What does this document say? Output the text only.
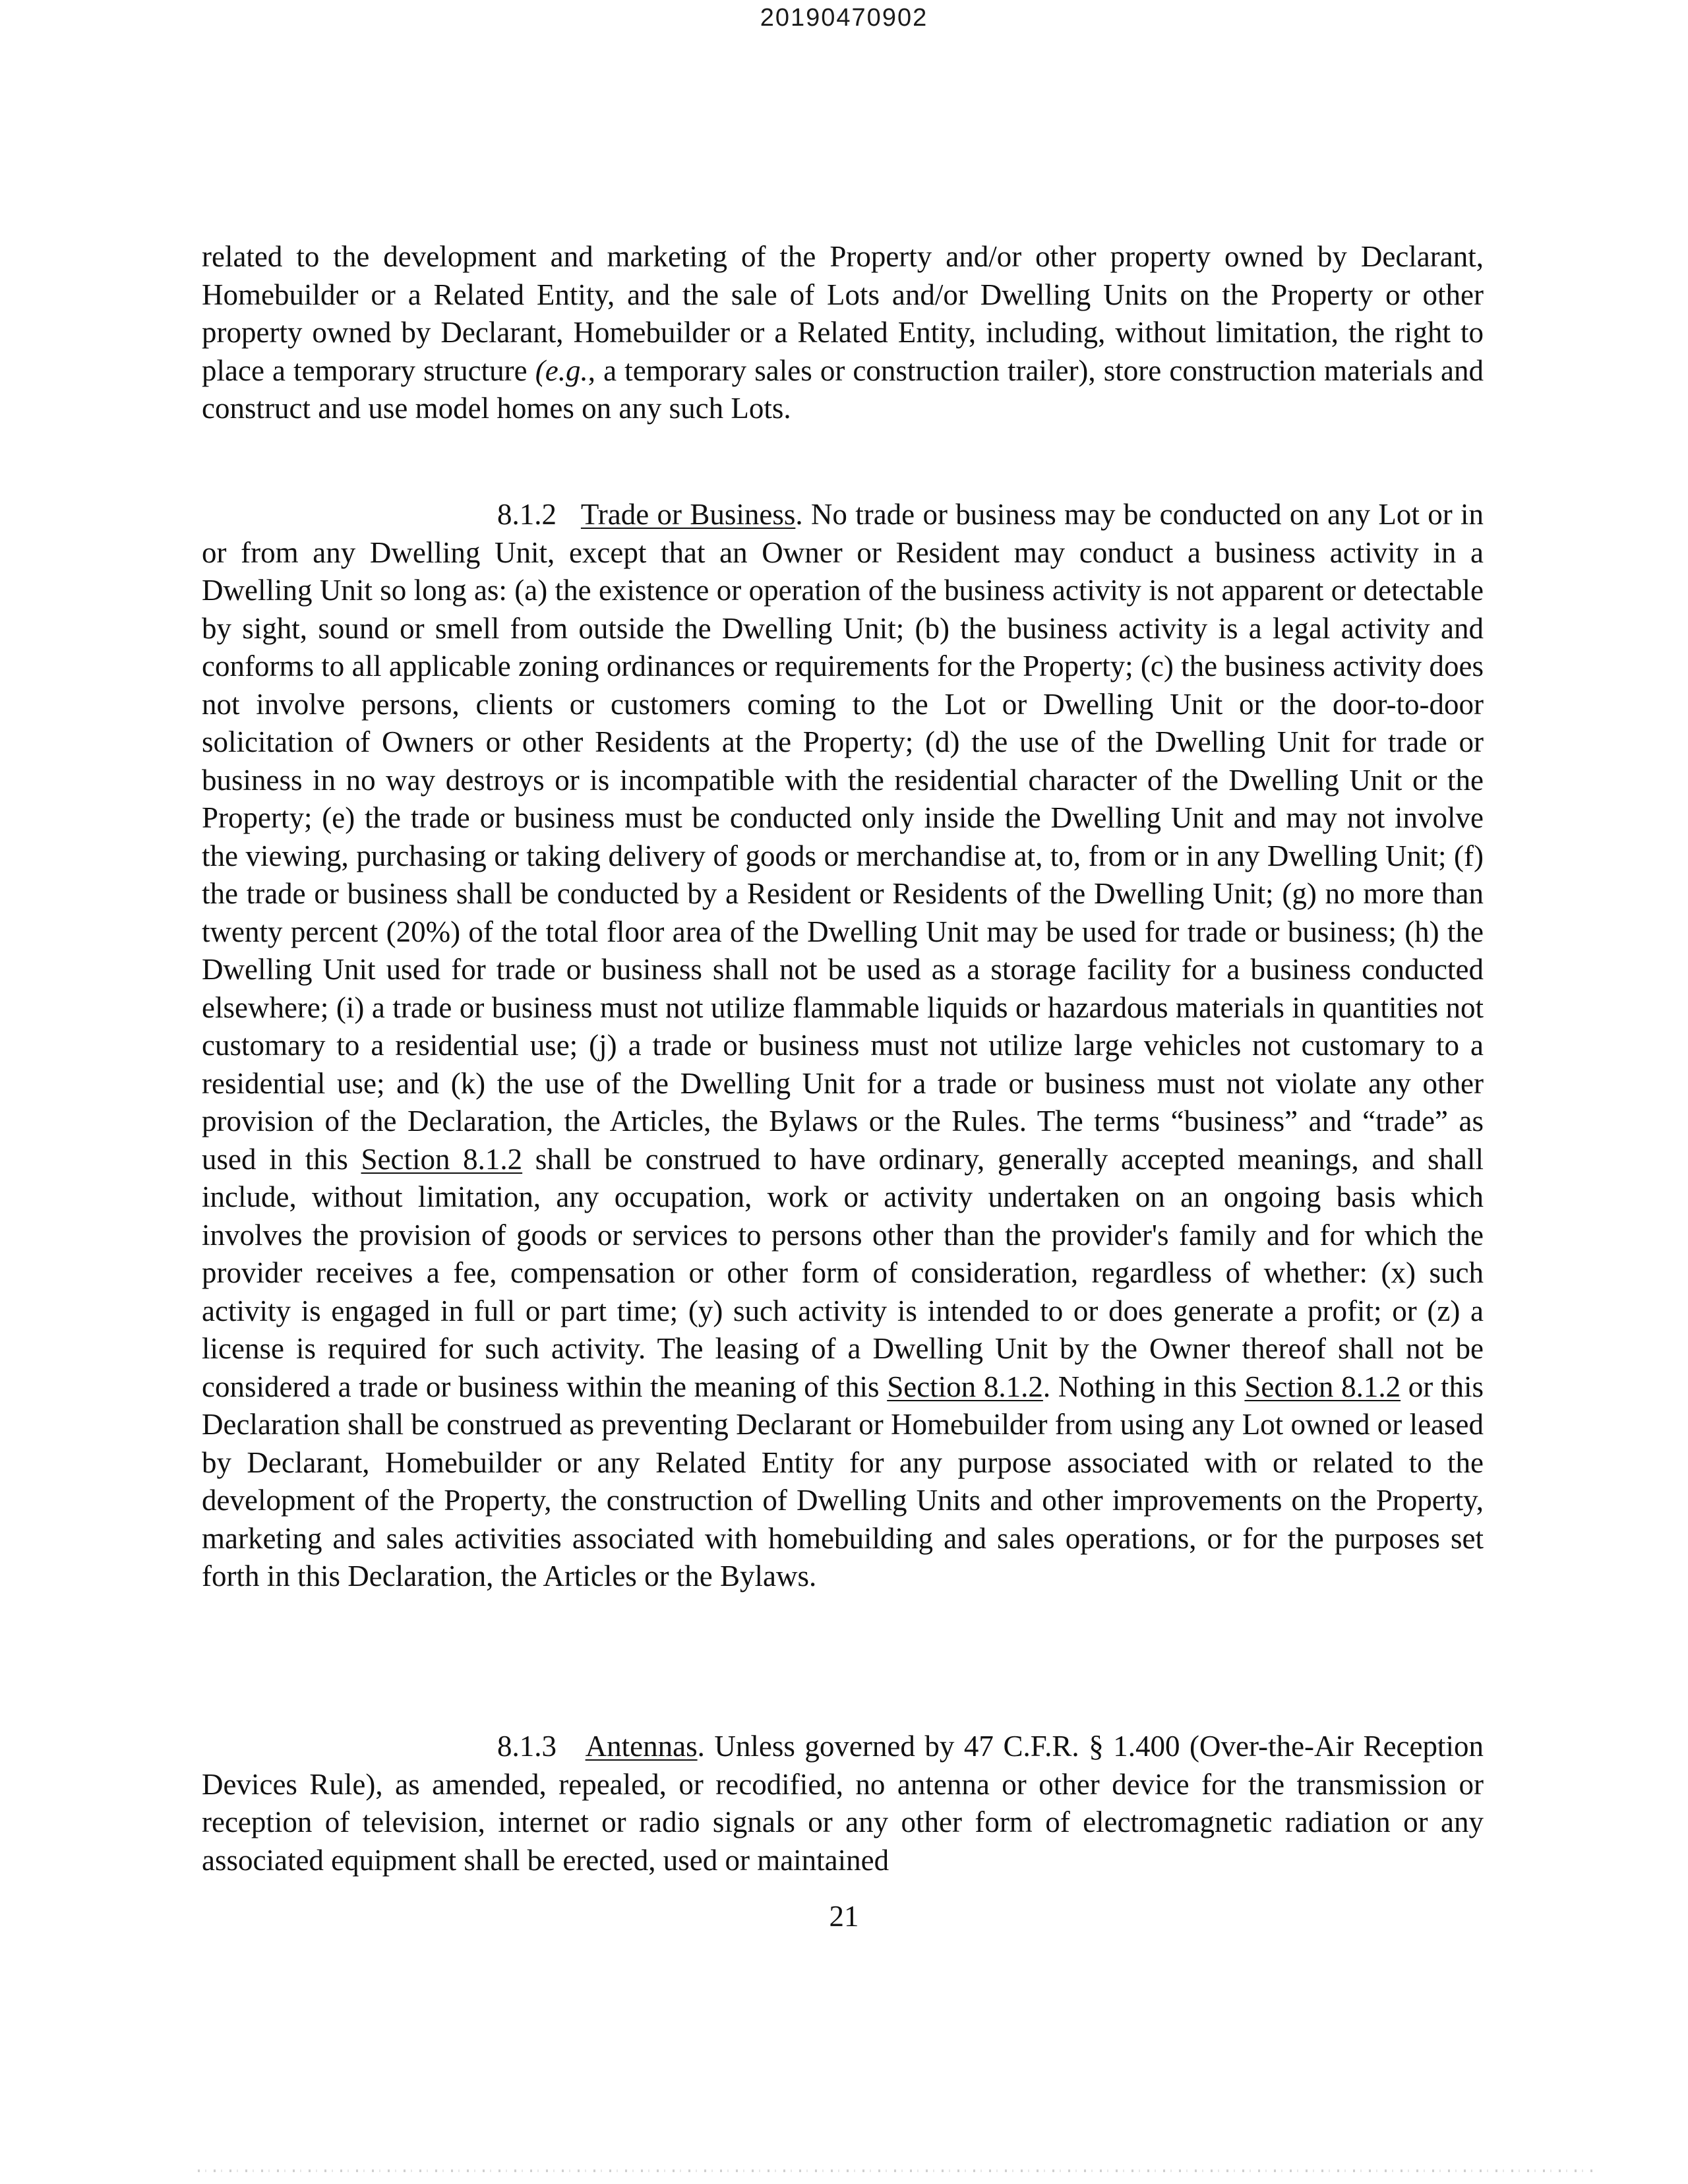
20190470902

related to the development and marketing of the Property and/or other property owned by Declarant, Homebuilder or a Related Entity, and the sale of Lots and/or Dwelling Units on the Property or other property owned by Declarant, Homebuilder or a Related Entity, including, without limitation, the right to place a temporary structure (e.g., a temporary sales or construction trailer), store construction materials and construct and use model homes on any such Lots.

8.1.2 Trade or Business. No trade or business may be conducted on any Lot or in or from any Dwelling Unit, except that an Owner or Resident may conduct a business activity in a Dwelling Unit so long as: (a) the existence or operation of the business activity is not apparent or detectable by sight, sound or smell from outside the Dwelling Unit; (b) the business activity is a legal activity and conforms to all applicable zoning ordinances or requirements for the Property; (c) the business activity does not involve persons, clients or customers coming to the Lot or Dwelling Unit or the door-to-door solicitation of Owners or other Residents at the Property; (d) the use of the Dwelling Unit for trade or business in no way destroys or is incompatible with the residential character of the Dwelling Unit or the Property; (e) the trade or business must be conducted only inside the Dwelling Unit and may not involve the viewing, purchasing or taking delivery of goods or merchandise at, to, from or in any Dwelling Unit; (f) the trade or business shall be conducted by a Resident or Residents of the Dwelling Unit; (g) no more than twenty percent (20%) of the total floor area of the Dwelling Unit may be used for trade or business; (h) the Dwelling Unit used for trade or business shall not be used as a storage facility for a business conducted elsewhere; (i) a trade or business must not utilize flammable liquids or hazardous materials in quantities not customary to a residential use; (j) a trade or business must not utilize large vehicles not customary to a residential use; and (k) the use of the Dwelling Unit for a trade or business must not violate any other provision of the Declaration, the Articles, the Bylaws or the Rules. The terms “business” and “trade” as used in this Section 8.1.2 shall be construed to have ordinary, generally accepted meanings, and shall include, without limitation, any occupation, work or activity undertaken on an ongoing basis which involves the provision of goods or services to persons other than the provider's family and for which the provider receives a fee, compensation or other form of consideration, regardless of whether: (x) such activity is engaged in full or part time; (y) such activity is intended to or does generate a profit; or (z) a license is required for such activity. The leasing of a Dwelling Unit by the Owner thereof shall not be considered a trade or business within the meaning of this Section 8.1.2. Nothing in this Section 8.1.2 or this Declaration shall be construed as preventing Declarant or Homebuilder from using any Lot owned or leased by Declarant, Homebuilder or any Related Entity for any purpose associated with or related to the development of the Property, the construction of Dwelling Units and other improvements on the Property, marketing and sales activities associated with homebuilding and sales operations, or for the purposes set forth in this Declaration, the Articles or the Bylaws.

8.1.3 Antennas. Unless governed by 47 C.F.R. § 1.400 (Over-the-Air Reception Devices Rule), as amended, repealed, or recodified, no antenna or other device for the transmission or reception of television, internet or radio signals or any other form of electromagnetic radiation or any associated equipment shall be erected, used or maintained

21
